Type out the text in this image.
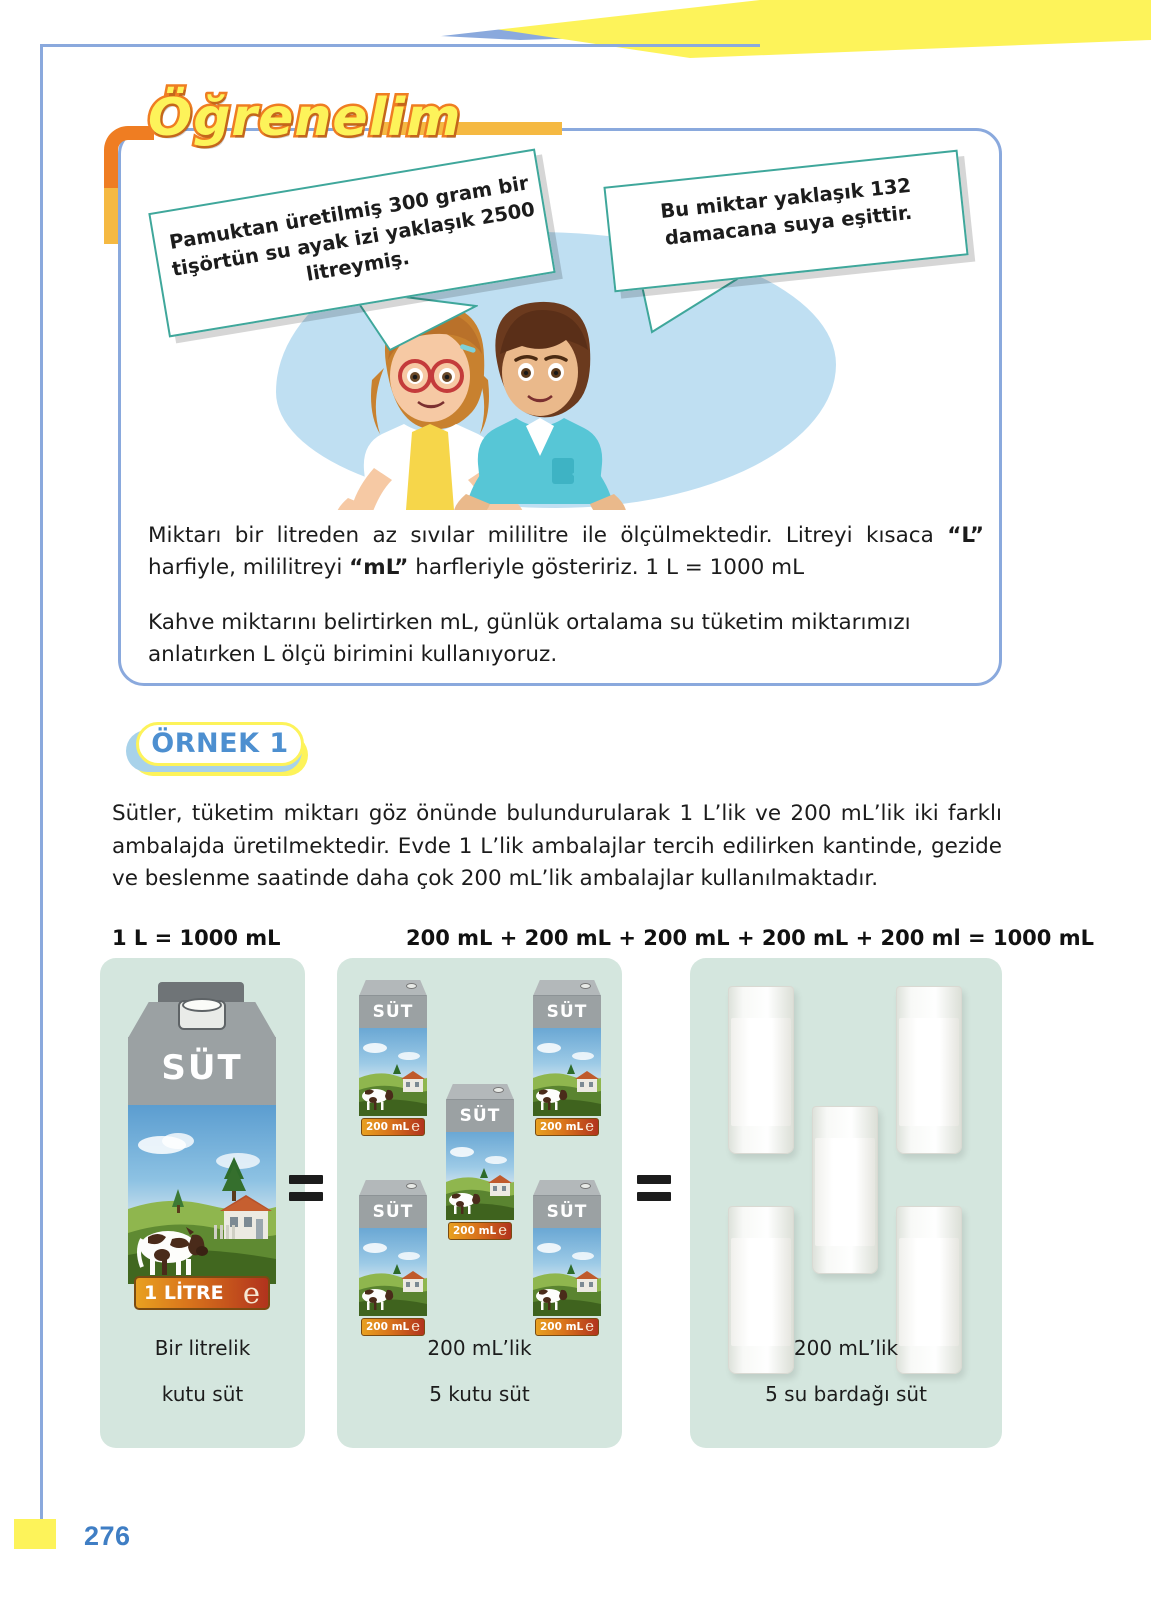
Öğrenelim
Pamuktan üretilmiş 300 gram bir tişörtün su ayak izi yaklaşık 2500 litreymiş.
Bu miktar yaklaşık 132 damacana suya eşittir.
Miktarı bir litreden az sıvılar mililitre ile ölçülmektedir. Litreyi kısaca “L” harfiyle, mililitreyi “mL” harfleriyle gösteririz. 1 L = 1000 mL
Kahve miktarını belirtirken mL, günlük ortalama su tüketim miktarımızı anlatırken L ölçü birimini kullanıyoruz.
ÖRNEK 1
Sütler, tüketim miktarı göz önünde bulundurularak 1 L’lik ve 200 mL’lik iki farklı ambalajda üretilmektedir. Evde 1 L’lik ambalajlar tercih edilirken kantinde, gezide ve beslenme saatinde daha çok 200 mL’lik ambalajlar kullanılmaktadır.
1 L = 1000 mL	200 mL + 200 mL + 200 mL + 200 mL + 200 ml = 1000 mL
SÜT
1 LİTRE e
Bir litrelik
kutu süt
SÜT
200 mL e
SÜT
200 mL e
SÜT
200 mL e
SÜT
200 mL e
SÜT
200 mL e
200 mL’lik
5 kutu süt
200 mL’lik
5 su bardağı süt
276
